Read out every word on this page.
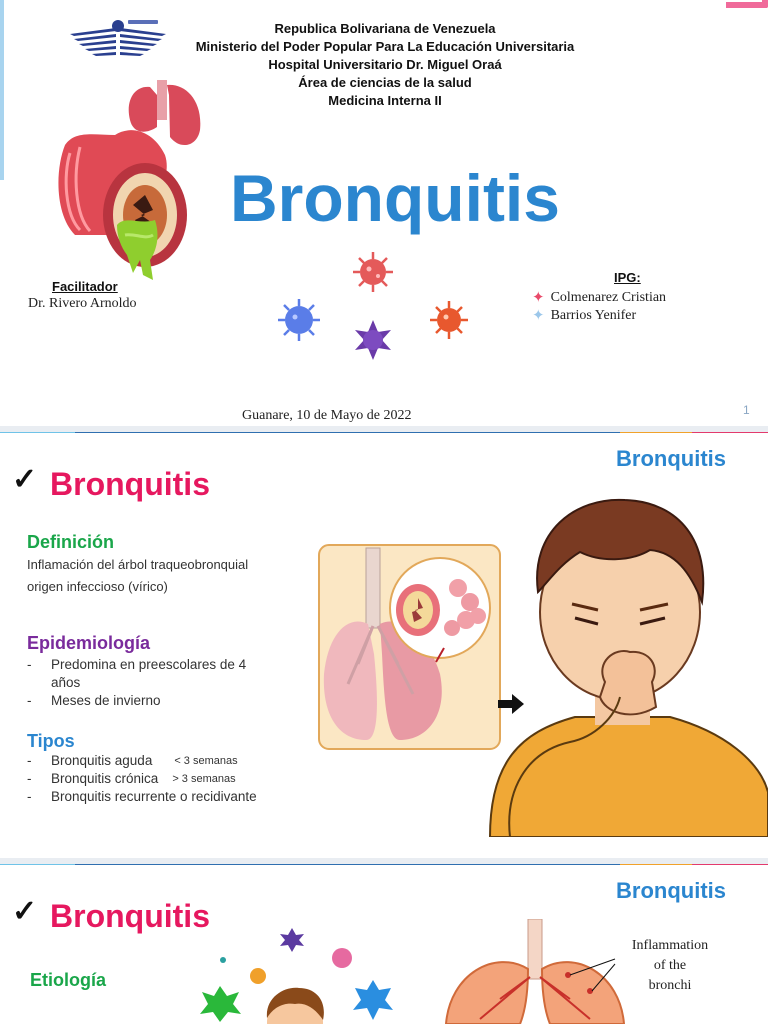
Republica Bolivariana de Venezuela
Ministerio del Poder Popular Para La Educación Universitaria
Hospital Universitario Dr. Miguel Oraá
Área de ciencias de la salud
Medicina Interna II
Bronquitis
Facilitador
Dr. Rivero Arnoldo
IPG:
✦ Colmenarez Cristian
✦ Barrios Yenifer
Guanare, 10 de Mayo de 2022	1
✓ Bronquitis
Bronquitis
Definición
Inflamación del árbol traqueobronquial
origen infeccioso (vírico)
Epidemiología
-	Predomina en preescolares de 4
años
-	Meses de invierno
Tipos
-	Bronquitis aguda < 3 semanas
-	Bronquitis crónica > 3 semanas
-	Bronquitis recurrente o recidivante
✓ Bronquitis
Bronquitis
Etiología
Inflammation
of the
bronchi
